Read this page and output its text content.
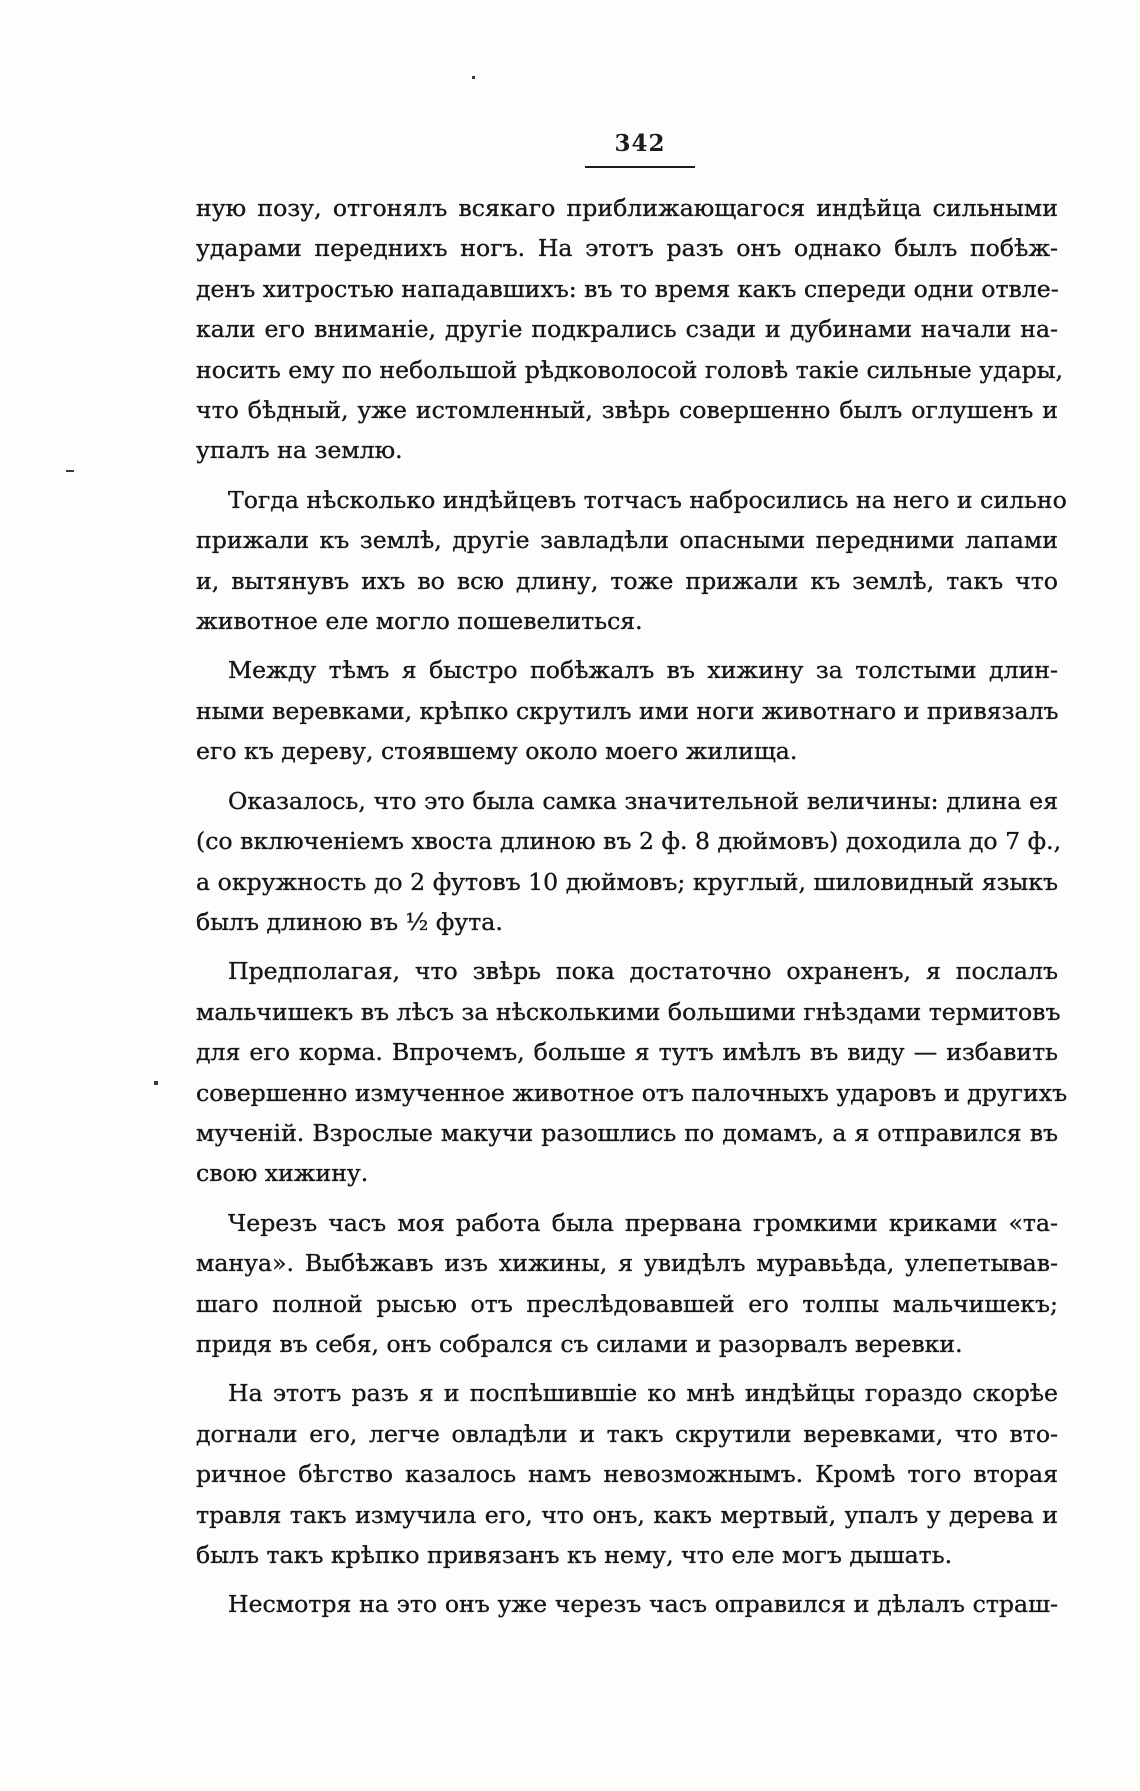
342
ную позу, отгонялъ всякаго приближающагося индѣйца сильными
ударами переднихъ ногъ. На этотъ разъ онъ однако былъ побѣж-
денъ хитростью нападавшихъ: въ то время какъ спереди одни отвле-
кали его вниманіе, другіе подкрались сзади и дубинами начали на-
носить ему по небольшой рѣдковолосой головѣ такіе сильные удары,
что бѣдный, уже истомленный, звѣрь совершенно былъ оглушенъ и
упалъ на землю.
Тогда нѣсколько индѣйцевъ тотчасъ набросились на него и сильно
прижали къ землѣ, другіе завладѣли опасными передними лапами
и, вытянувъ ихъ во всю длину, тоже прижали къ землѣ, такъ что
животное еле могло пошевелиться.
Между тѣмъ я быстро побѣжалъ въ хижину за толстыми длин-
ными веревками, крѣпко скрутилъ ими ноги животнаго и привязалъ
его къ дереву, стоявшему около моего жилища.
Оказалось, что это была самка значительной величины: длина ея
(со включеніемъ хвоста длиною въ 2 ф. 8 дюймовъ) доходила до 7 ф.,
а окружность до 2 футовъ 10 дюймовъ; круглый, шиловидный языкъ
былъ длиною въ ½ фута.
Предполагая, что звѣрь пока достаточно охраненъ, я послалъ
мальчишекъ въ лѣсъ за нѣсколькими большими гнѣздами термитовъ
для его корма. Впрочемъ, больше я тутъ имѣлъ въ виду — избавить
совершенно измученное животное отъ палочныхъ ударовъ и другихъ
мученій. Взрослые макучи разошлись по домамъ, а я отправился въ
свою хижину.
Черезъ часъ моя работа была прервана громкими криками «та-
мануа». Выбѣжавъ изъ хижины, я увидѣлъ муравьѣда, улепетывав-
шаго полной рысью отъ преслѣдовавшей его толпы мальчишекъ;
придя въ себя, онъ собрался съ силами и разорвалъ веревки.
На этотъ разъ я и поспѣшившіе ко мнѣ индѣйцы гораздо скорѣе
догнали его, легче овладѣли и такъ скрутили веревками, что вто-
ричное бѣгство казалось намъ невозможнымъ. Кромѣ того вторая
травля такъ измучила его, что онъ, какъ мертвый, упалъ у дерева и
былъ такъ крѣпко привязанъ къ нему, что еле могъ дышать.
Несмотря на это онъ уже черезъ часъ оправился и дѣлалъ страш-
